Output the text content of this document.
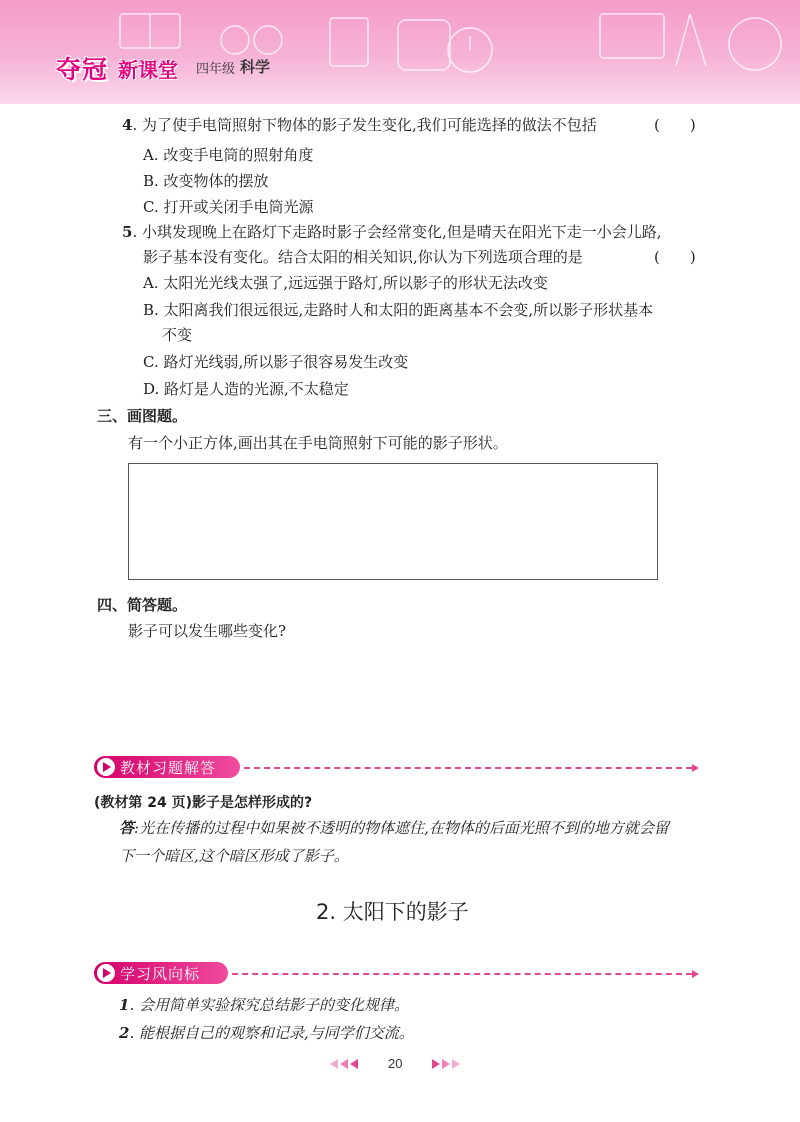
夺冠 新课堂 四年级 科学
4. 为了使手电筒照射下物体的影子发生变化,我们可能选择的做法不包括	(　　)
A. 改变手电筒的照射角度
B. 改变物体的摆放
C. 打开或关闭手电筒光源
5. 小琪发现晚上在路灯下走路时影子会经常变化,但是晴天在阳光下走一小会儿路,
影子基本没有变化。结合太阳的相关知识,你认为下列选项合理的是	(　　)
A. 太阳光光线太强了,远远强于路灯,所以影子的形状无法改变
B. 太阳离我们很远很远,走路时人和太阳的距离基本不会变,所以影子形状基本
不变
C. 路灯光线弱,所以影子很容易发生改变
D. 路灯是人造的光源,不太稳定
三、画图题。
有一个小正方体,画出其在手电筒照射下可能的影子形状。
四、简答题。
影子可以发生哪些变化?
教材习题解答
(教材第 24 页)影子是怎样形成的?
答:光在传播的过程中如果被不透明的物体遮住,在物体的后面光照不到的地方就会留
下一个暗区,这个暗区形成了影子。
2. 太阳下的影子
学习风向标
1. 会用简单实验探究总结影子的变化规律。
2. 能根据自己的观察和记录,与同学们交流。
20
